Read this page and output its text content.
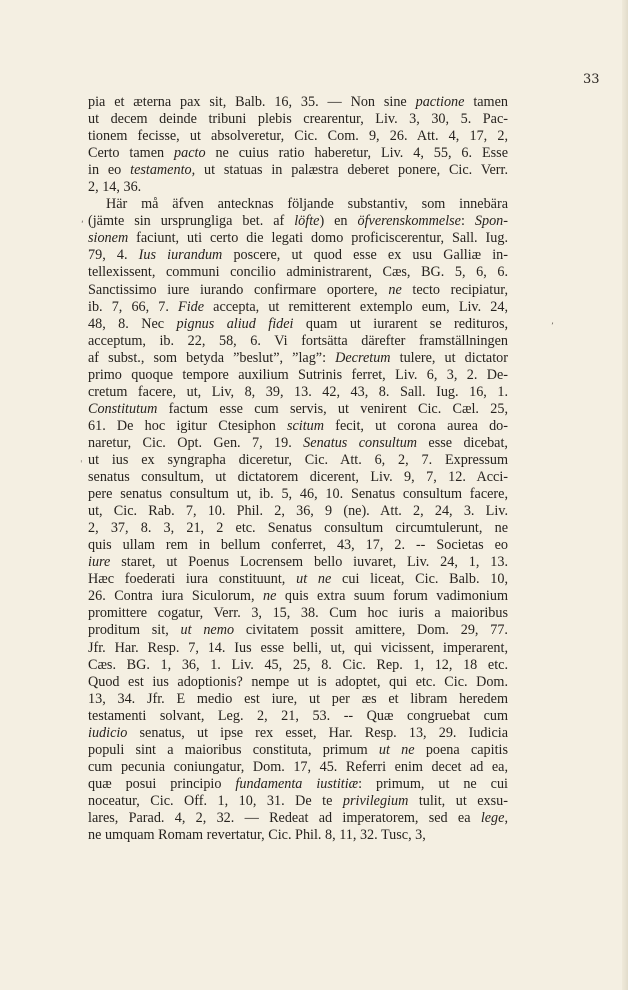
33
‘
ʼ
ˈ
pia et æterna pax sit, Balb. 16, 35. — Non sine pactione tamen
ut decem deinde tribuni plebis crearentur, Liv. 3, 30, 5. Pac-
tionem fecisse, ut absolveretur, Cic. Com. 9, 26. Att. 4, 17, 2,
Certo tamen pacto ne cuius ratio haberetur, Liv. 4, 55, 6. Esse
in eo testamento, ut statuas in palæstra deberet ponere, Cic. Verr.
2, 14, 36.
Här må äfven antecknas följande substantiv, som innebära
(jämte sin ursprungliga bet. af löfte) en öfverenskommelse: Spon-
sionem faciunt, uti certo die legati domo proficiscerentur, Sall. Iug.
79, 4. Ius iurandum poscere, ut quod esse ex usu Galliæ in-
tellexissent, communi concilio administrarent, Cæs, BG. 5, 6, 6.
Sanctissimo iure iurando confirmare oportere, ne tecto recipiatur,
ib. 7, 66, 7. Fide accepta, ut remitterent extemplo eum, Liv. 24,
48, 8. Nec pignus aliud fidei quam ut iurarent se redituros,
acceptum, ib. 22, 58, 6. Vi fortsätta därefter framställningen
af subst., som betyda ”beslut”, ”lag”: Decretum tulere, ut dictator
primo quoque tempore auxilium Sutrinis ferret, Liv. 6, 3, 2. De-
cretum facere, ut, Liv, 8, 39, 13. 42, 43, 8. Sall. Iug. 16, 1.
Constitutum factum esse cum servis, ut venirent Cic. Cæl. 25,
61. De hoc igitur Ctesiphon scitum fecit, ut corona aurea do-
naretur, Cic. Opt. Gen. 7, 19. Senatus consultum esse dicebat,
ut ius ex syngrapha diceretur, Cic. Att. 6, 2, 7. Expressum
senatus consultum, ut dictatorem dicerent, Liv. 9, 7, 12. Acci-
pere senatus consultum ut, ib. 5, 46, 10. Senatus consultum facere,
ut, Cic. Rab. 7, 10. Phil. 2, 36, 9 (ne). Att. 2, 24, 3. Liv.
2, 37, 8. 3, 21, 2 etc. Senatus consultum circumtulerunt, ne
quis ullam rem in bellum conferret, 43, 17, 2. -- Societas eo
iure staret, ut Poenus Locrensem bello iuvaret, Liv. 24, 1, 13.
Hæc foederati iura constituunt, ut ne cui liceat, Cic. Balb. 10,
26. Contra iura Siculorum, ne quis extra suum forum vadimonium
promittere cogatur, Verr. 3, 15, 38. Cum hoc iuris a maioribus
proditum sit, ut nemo civitatem possit amittere, Dom. 29, 77.
Jfr. Har. Resp. 7, 14. Ius esse belli, ut, qui vicissent, imperarent,
Cæs. BG. 1, 36, 1. Liv. 45, 25, 8. Cic. Rep. 1, 12, 18 etc.
Quod est ius adoptionis? nempe ut is adoptet, qui etc. Cic. Dom.
13, 34. Jfr. E medio est iure, ut per æs et libram heredem
testamenti solvant, Leg. 2, 21, 53. -- Quæ congruebat cum
iudicio senatus, ut ipse rex esset, Har. Resp. 13, 29. Iudicia
populi sint a maioribus constituta, primum ut ne poena capitis
cum pecunia coniungatur, Dom. 17, 45. Referri enim decet ad ea,
quæ posui principio fundamenta iustitiæ: primum, ut ne cui
noceatur, Cic. Off. 1, 10, 31. De te privilegium tulit, ut exsu-
lares, Parad. 4, 2, 32. — Redeat ad imperatorem, sed ea lege,
ne umquam Romam revertatur, Cic. Phil. 8, 11, 32. Tusc, 3,
